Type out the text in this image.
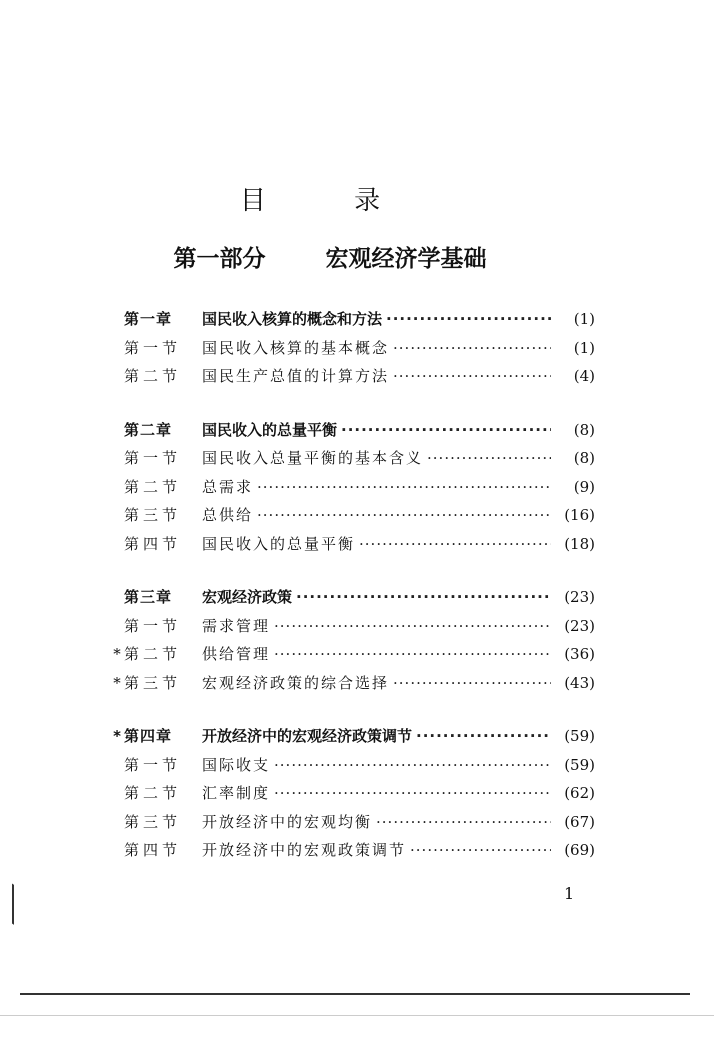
目 录
第一部分	宏观经济学基础
第一章	国民收入核算的概念和方法 ·····	(1)
第一节	国民收入核算的基本概念 ·····	(1)
第二节	国民生产总值的计算方法 ·····	(4)
第二章	国民收入的总量平衡 ·····	(8)
第一节	国民收入总量平衡的基本含义 ·····	(8)
第二节	总需求 ·····	(9)
第三节	总供给 ·····	(16)
第四节	国民收入的总量平衡 ·····	(18)
第三章	宏观经济政策 ·····	(23)
第一节	需求管理 ·····	(23)
* 第二节	供给管理 ·····	(36)
* 第三节	宏观经济政策的综合选择 ·····	(43)
* 第四章	开放经济中的宏观经济政策调节 ·····	(59)
第一节	国际收支 ·····	(59)
第二节	汇率制度 ·····	(62)
第三节	开放经济中的宏观均衡 ·····	(67)
第四节	开放经济中的宏观政策调节 ·····	(69)
1
